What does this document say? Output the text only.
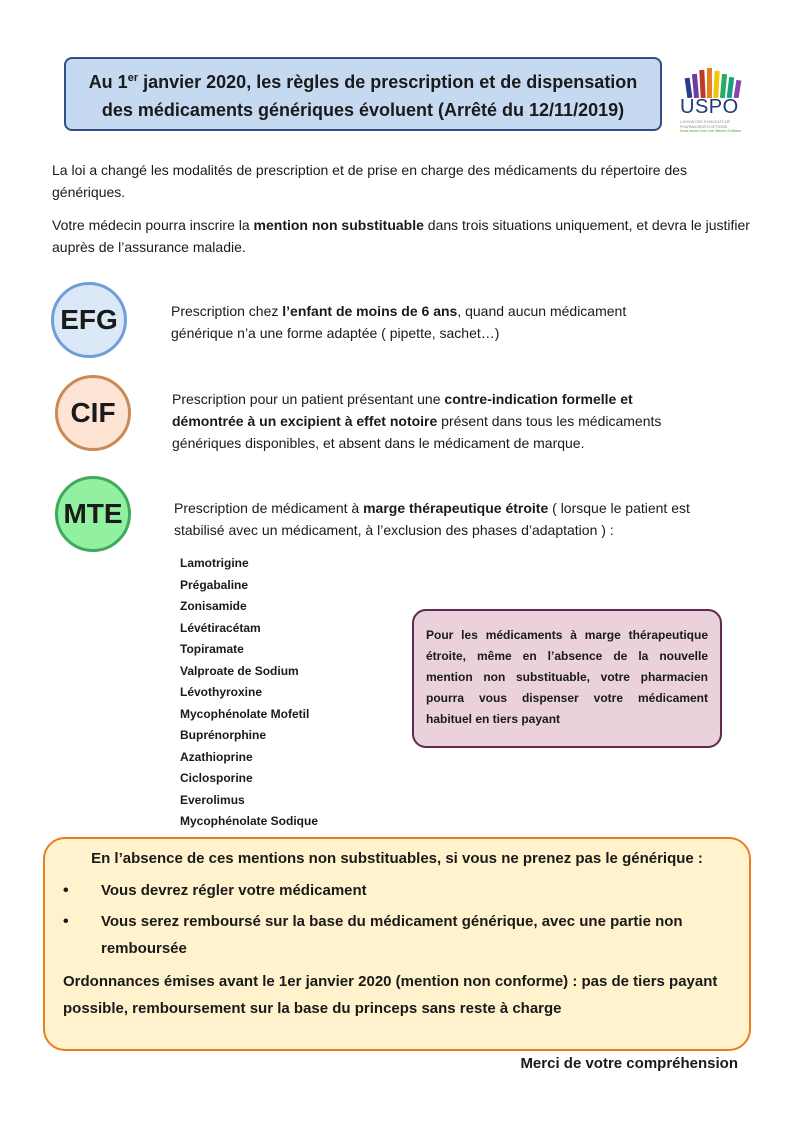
Au 1er janvier 2020, les règles de prescription et de dispensation
des médicaments génériques évoluent (Arrêté du 12/11/2019)	USPO
L'UNION DES SYNDICATS DE PHARMACIENS D'OFFICINE
Nous avons tous une histoire d'officine
La loi a changé les modalités de prescription et de prise en charge des médicaments du répertoire des génériques.
Votre médecin pourra inscrire la mention non substituable dans trois situations uniquement, et devra le justifier auprès de l’assurance maladie.
EFG	Prescription chez l’enfant de moins de 6 ans, quand aucun médicament générique n’a une forme adaptée ( pipette, sachet…)
CIF	Prescription pour un patient présentant une contre-indication formelle et démontrée à un excipient à effet notoire présent dans tous les médicaments génériques disponibles, et absent dans le médicament de marque.
MTE	Prescription de médicament à marge thérapeutique étroite ( lorsque le patient est stabilisé avec un médicament, à l’exclusion des phases d’adaptation ) :
Lamotrigine
Prégabaline
Zonisamide
Lévétiracétam
Topiramate
Valproate de Sodium
Lévothyroxine
Mycophénolate Mofetil
Buprénorphine
Azathioprine
Ciclosporine
Everolimus
Mycophénolate Sodique
Pour les médicaments à marge thérapeutique étroite, même en l’absence de la nouvelle mention non substituable, votre pharmacien pourra vous dispenser votre médicament habituel en tiers payant
En l’absence de ces mentions non substituables, si vous ne prenez pas le générique :
• Vous devrez régler votre médicament
• Vous serez remboursé sur la base du médicament générique, avec une partie non remboursée
Ordonnances émises avant le 1er janvier 2020 (mention non conforme) : pas de tiers payant possible, remboursement sur la base du princeps sans reste à charge
Merci de votre compréhension
